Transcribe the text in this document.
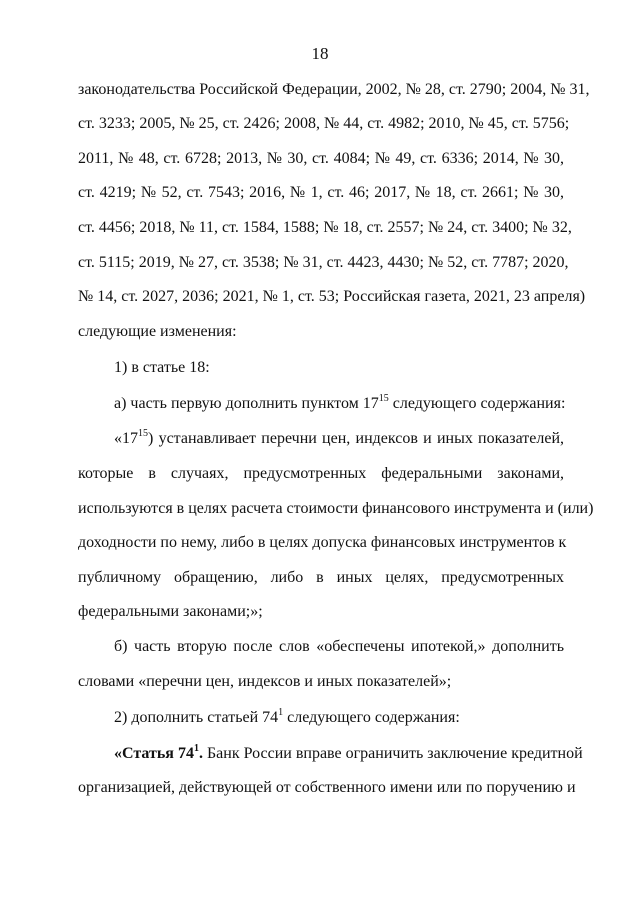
18
законодательства Российской Федерации, 2002, № 28, ст. 2790; 2004, № 31,
ст. 3233; 2005, № 25, ст. 2426; 2008, № 44, ст. 4982; 2010, № 45, ст. 5756;
2011, № 48, ст. 6728; 2013, № 30, ст. 4084; № 49, ст. 6336; 2014, № 30,
ст. 4219; № 52, ст. 7543; 2016, № 1, ст. 46; 2017, № 18, ст. 2661; № 30,
ст. 4456; 2018, № 11, ст. 1584, 1588; № 18, ст. 2557; № 24, ст. 3400; № 32,
ст. 5115; 2019, № 27, ст. 3538; № 31, ст. 4423, 4430; № 52, ст. 7787; 2020,
№ 14, ст. 2027, 2036; 2021, № 1, ст. 53; Российская газета, 2021, 23 апреля)
следующие изменения:
1) в статье 18:
а) часть первую дополнить пунктом $17^{15}$ следующего содержания:
«$17^{15}$) устанавливает перечни цен, индексов и иных показателей,
которые в случаях, предусмотренных федеральными законами,
используются в целях расчета стоимости финансового инструмента и (или)
доходности по нему, либо в целях допуска финансовых инструментов к
публичному обращению, либо в иных целях, предусмотренных
федеральными законами;»;
б) часть вторую после слов «обеспечены ипотекой,» дополнить
словами «перечни цен, индексов и иных показателей»;
2) дополнить статьей $74^1$ следующего содержания:
«Статья $74^1$. Банк России вправе ограничить заключение кредитной
организацией, действующей от собственного имени или по поручению и
